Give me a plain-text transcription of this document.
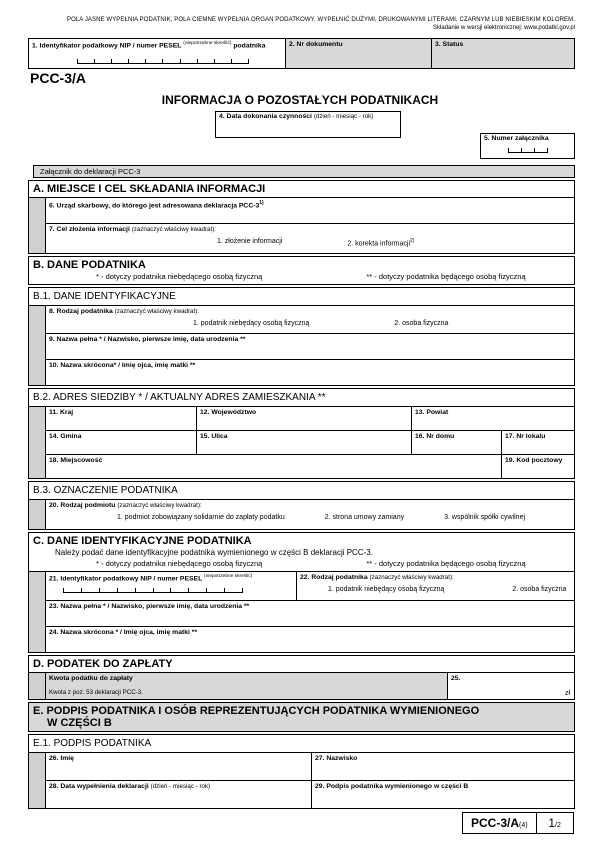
POLA JASNE WYPEŁNIA PODATNIK, POLA CIEMNE WYPEŁNIA ORGAN PODATKOWY. WYPEŁNIĆ DUŻYMI, DRUKOWANYMI LITERAMI, CZARNYM LUB NIEBIESKIM KOLOREM.
Składanie w wersji elektronicznej: www.podatki.gov.pl
1. Identyfikator podatkowy NIP / numer PESEL $^{(niepotrzebne skreślić)}$ podatnika	2. Nr dokumentu	3. Status
PCC-3/A
INFORMACJA O POZOSTAŁYCH PODATNIKACH
4. Data dokonania czynności (dzień - miesiąc - rok)
5. Numer załącznika
Załącznik do deklaracji PCC-3
A. MIEJSCE I CEL SKŁADANIA INFORMACJI
6. Urząd skarbowy, do którego jest adresowana deklaracja PCC-3$^{1)}$
7. Cel złożenia informacji (zaznaczyć właściwy kwadrat):
1. złożenie informacji	2. korekta informacji$^{2)}$
B. DANE PODATNIKA
* - dotyczy podatnika niebędącego osobą fizyczną	** - dotyczy podatnika będącego osobą fizyczną
B.1. DANE IDENTYFIKACYJNE
8. Rodzaj podatnika (zaznaczyć właściwy kwadrat):
1. podatnik niebędący osobą fizyczną	2. osoba fizyczna
9. Nazwa pełna * / Nazwisko, pierwsze imię, data urodzenia **
10. Nazwa skrócona* / Imię ojca, imię matki **
B.2. ADRES SIEDZIBY * / AKTUALNY ADRES ZAMIESZKANIA **
11. Kraj	12. Województwo	13. Powiat
14. Gmina	15. Ulica	16. Nr domu	17. Nr lokalu
18. Miejscowość	19. Kod pocztowy
B.3. OZNACZENIE PODATNIKA
20. Rodzaj podmiotu (zaznaczyć właściwy kwadrat):
1. podmiot zobowiązany solidarnie do zapłaty podatku	2. strona umowy zamiany	3. wspólnik spółki cywilnej
C. DANE IDENTYFIKACYJNE PODATNIKA
Należy podać dane identyfikacyjne podatnika wymienionego w części B deklaracji PCC-3.
* - dotyczy podatnika niebędącego osobą fizyczną	** - dotyczy podatnika będącego osobą fizyczną
21. Identyfikator podatkowy NIP / numer PESEL $^{(niepotrzebne skreślić)}$	22. Rodzaj podatnika (zaznaczyć właściwy kwadrat):
1. podatnik niebędący osobą fizyczną	2. osoba fizyczna
23. Nazwa pełna * / Nazwisko, pierwsze imię, data urodzenia **
24. Nazwa skrócona * / Imię ojca, imię matki **
D. PODATEK DO ZAPŁATY
Kwota podatku do zapłaty
Kwota z poz. 53 deklaracji PCC-3.
25.
zł
E. PODPIS PODATNIKA I OSÓB REPREZENTUJĄCYCH PODATNIKA WYMIENIONEGO
W CZĘŚCI B
E.1. PODPIS PODATNIKA
26. Imię	27. Nazwisko
28. Data wypełnienia deklaracji (dzień - miesiąc - rok)	29. Podpis podatnika wymienionego w części B
PCC-3/A(4)	1/2
